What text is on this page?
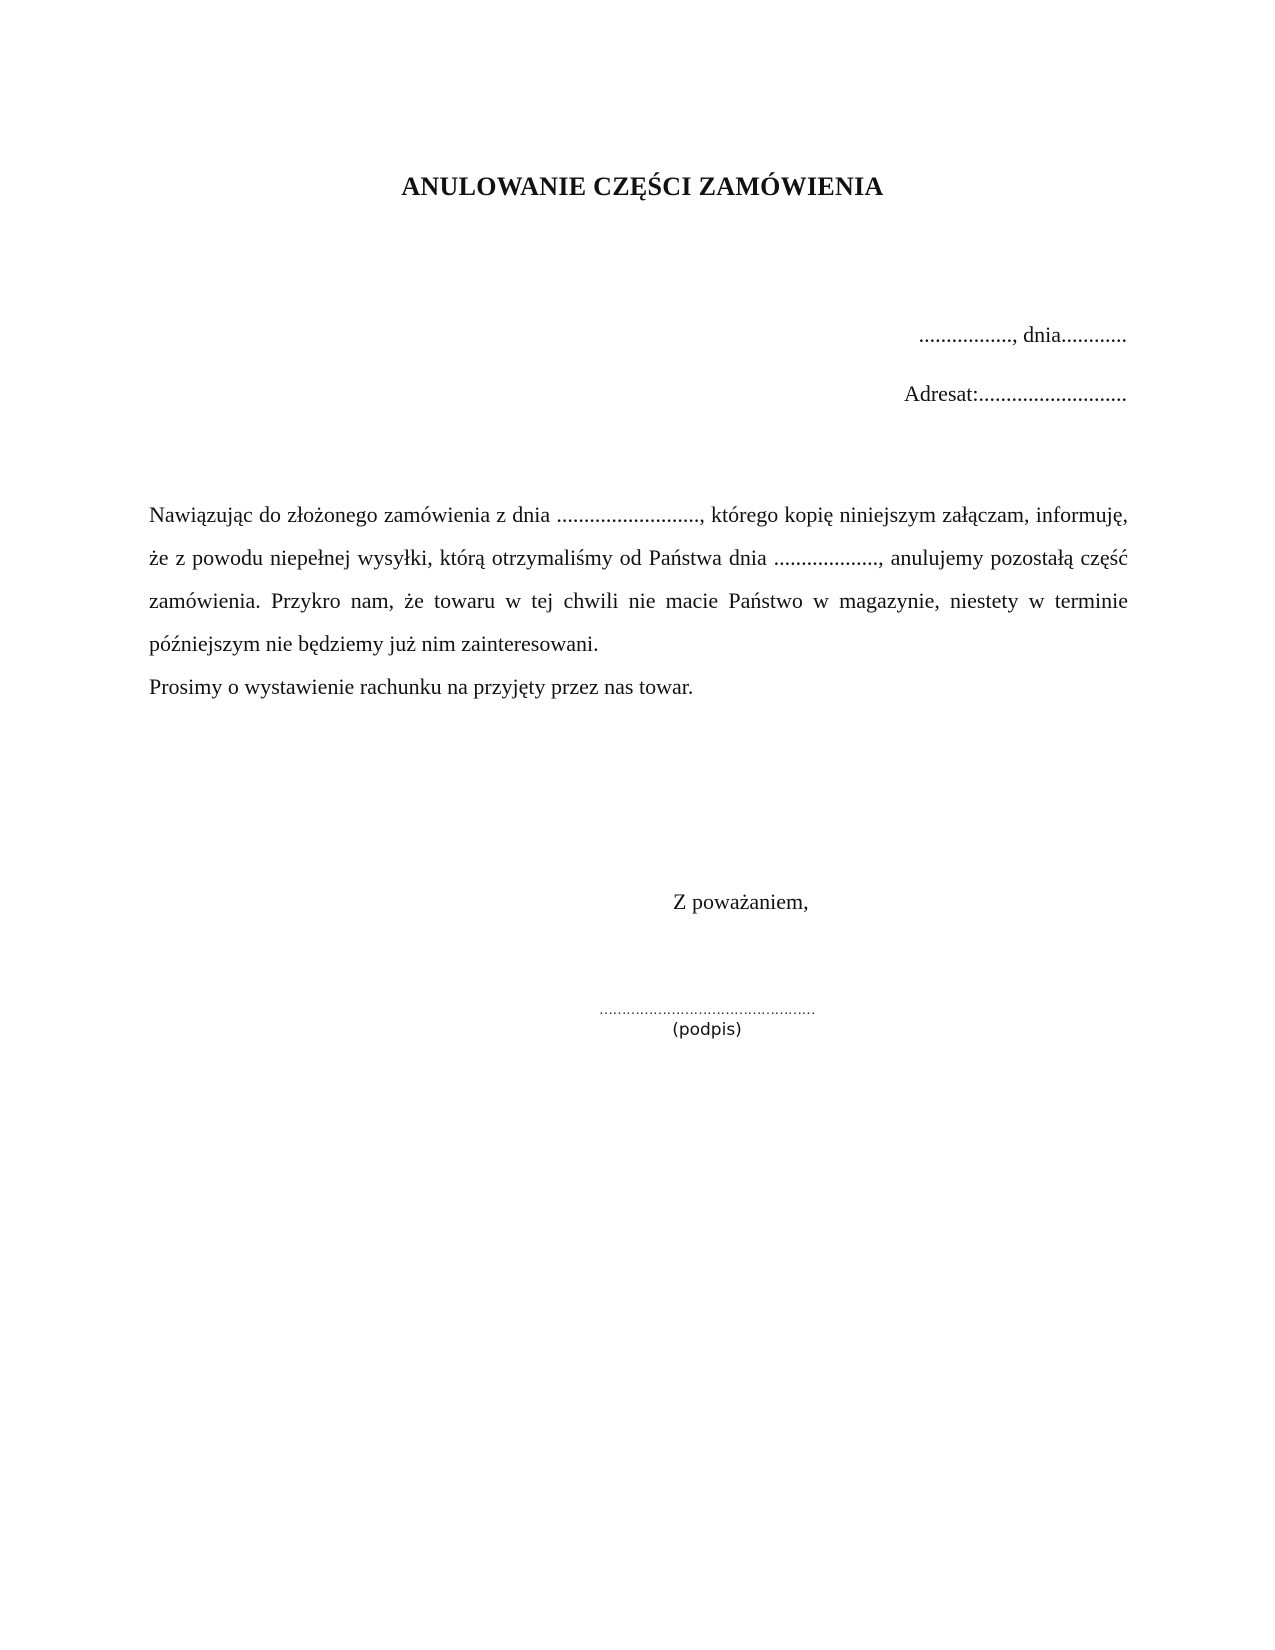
ANULOWANIE CZĘŚCI ZAMÓWIENIA
................., dnia............
Adresat:...........................

Nawiązując do złożonego zamówienia z dnia .........................., którego kopię niniejszym załączam, informuję, że z powodu niepełnej wysyłki, którą otrzymaliśmy od Państwa dnia ..................., anulujemy pozostałą część zamówienia. Przykro nam, że towaru w tej chwili nie macie Państwo w magazynie, niestety w terminie późniejszym nie będziemy już nim zainteresowani.

Prosimy o wystawienie rachunku na przyjęty przez nas towar.

Z poważaniem,
…………………………………………
(podpis)
